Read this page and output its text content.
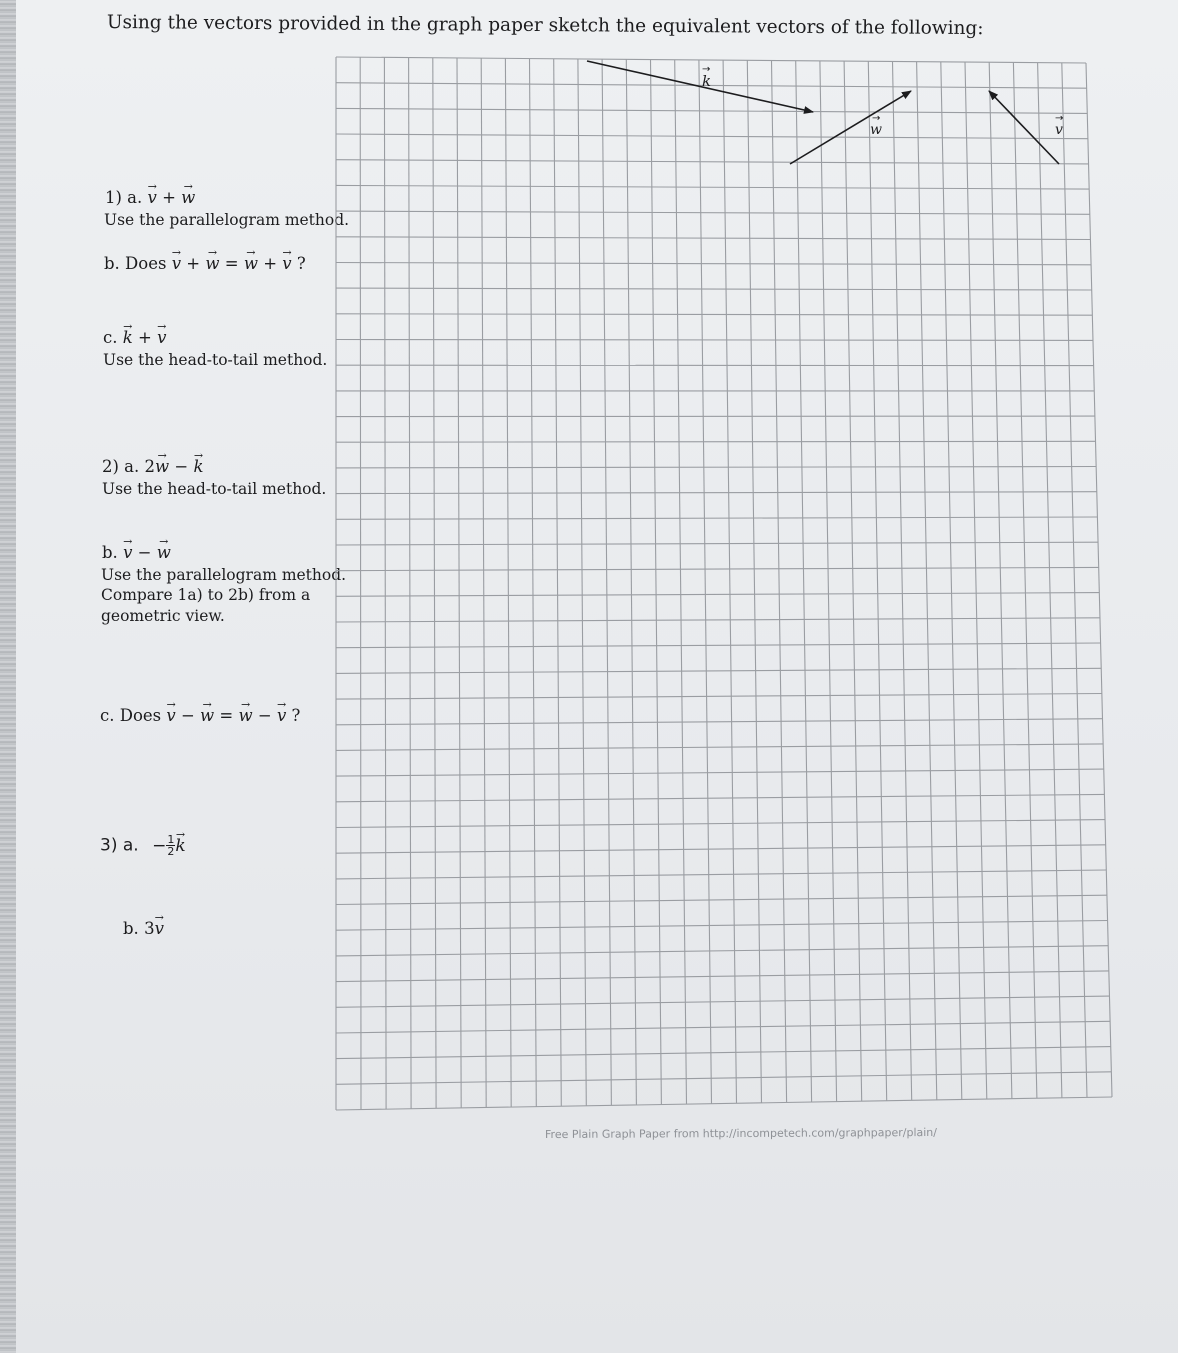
Using the vectors provided in the graph paper sketch the equivalent vectors of the following:
1) a. → v + → w
Use the parallelogram method.
b. Does → v + → w = → w + → v ?
c. → k + → v
Use the head-to-tail method.
2) a. 2→ w − → k
Use the head-to-tail method.
b. → v − → w
Use the parallelogram method.
Compare 1a) to 2b) from a
geometric view.
c. Does → v − → w = → w − → v ?
3) a. − $\frac{1}{2}$
→ k
b. 3→ v
k
→
w
→
v
→
Free Plain Graph Paper from http://incompetech.com/graphpaper/plain/
